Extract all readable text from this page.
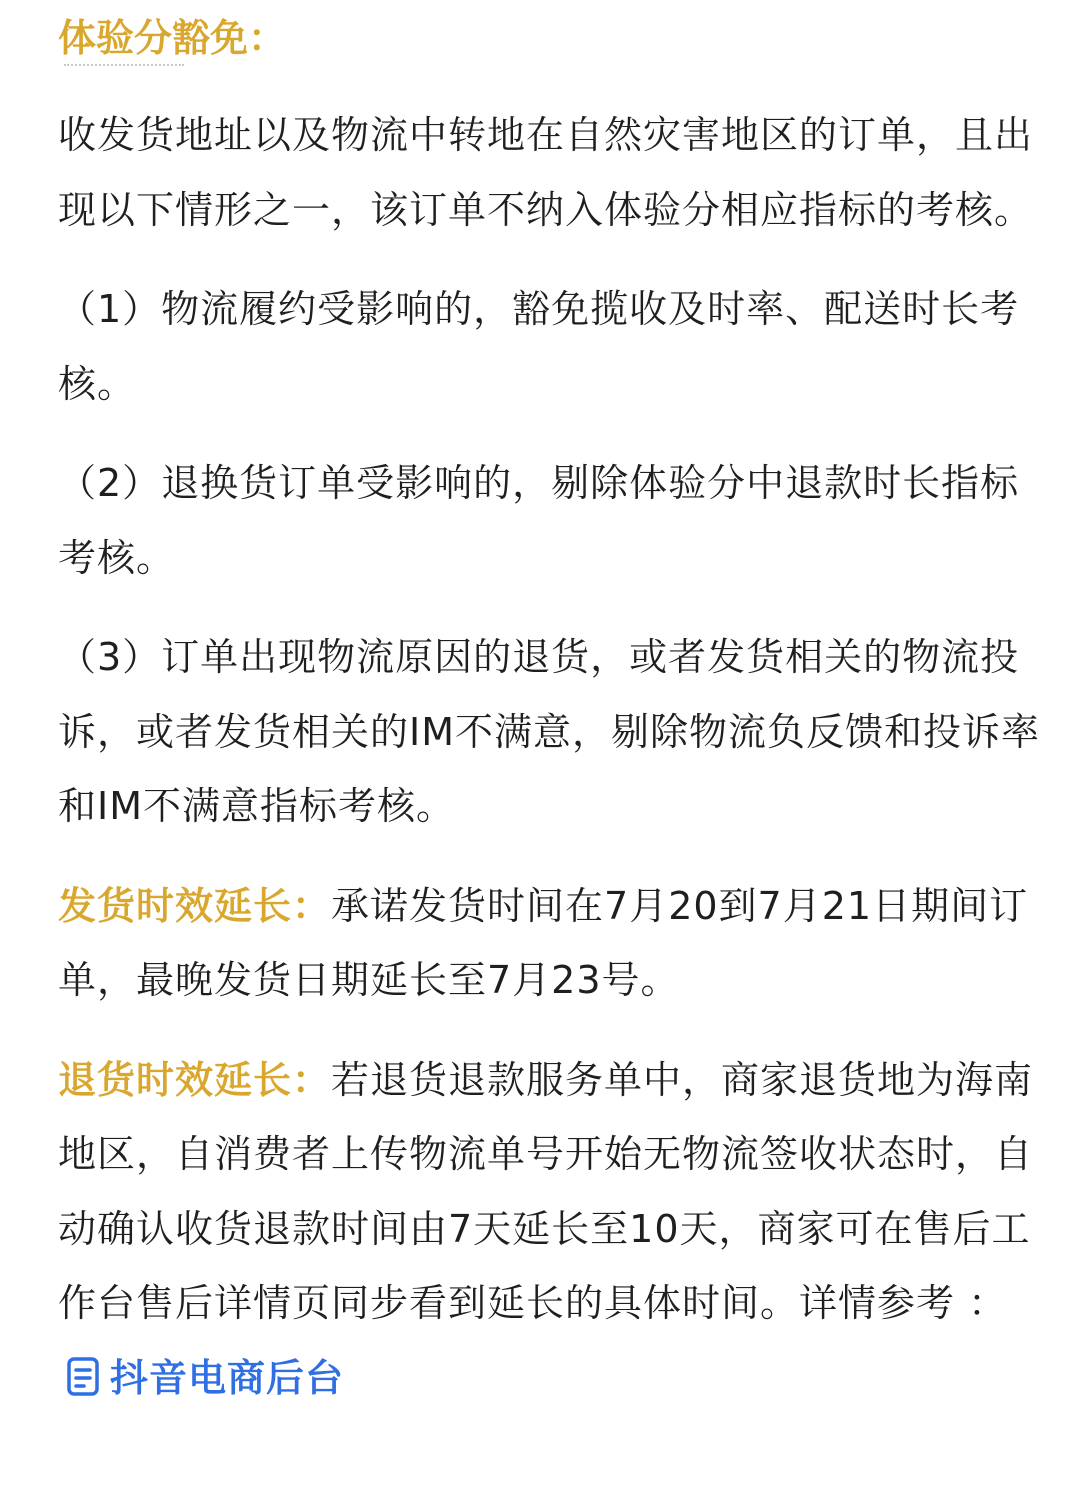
体验分豁免：

收发货地址以及物流中转地在自然灾害地区的订单，且出现以下情形之一，该订单不纳入体验分相应指标的考核。

（1）物流履约受影响的，豁免揽收及时率、配送时长考核。

（2）退换货订单受影响的，剔除体验分中退款时长指标考核。

（3）订单出现物流原因的退货，或者发货相关的物流投诉，或者发货相关的IM不满意，剔除物流负反馈和投诉率和IM不满意指标考核。

发货时效延长：承诺发货时间在7月20到7月21日期间订单，最晚发货日期延长至7月23号。

退货时效延长：若退货退款服务单中，商家退货地为海南地区，自消费者上传物流单号开始无物流签收状态时，自动确认收货退款时间由7天延长至10天，商家可在售后工作台售后详情页同步看到延长的具体时间。详情参考 ：抖音电商后台
